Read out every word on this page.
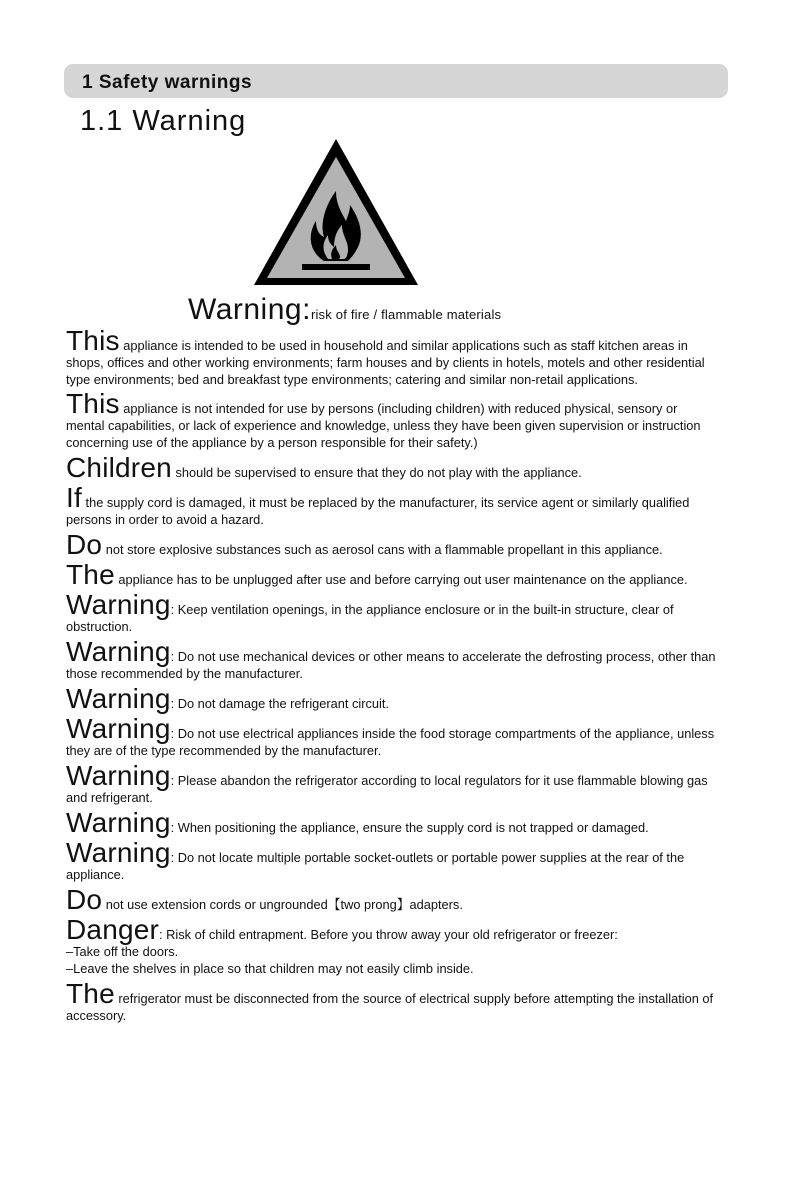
1 Safety warnings
1.1 Warning
Warning:risk of fire / flammable materials

This appliance is intended to be used in household and similar applications such as staff kitchen areas in shops, offices and other working environments; farm houses and by clients in hotels, motels and other residential type environments; bed and breakfast type environments; catering and similar non-retail applications.

This appliance is not intended for use by persons (including children) with reduced physical, sensory or mental capabilities, or lack of experience and knowledge, unless they have been given supervision or instruction concerning use of the appliance by a person responsible for their safety.)

Children should be supervised to ensure that they do not play with the appliance.

If the supply cord is damaged, it must be replaced by the manufacturer, its service agent or similarly qualified persons in order to avoid a hazard.

Do not store explosive substances such as aerosol cans with a flammable propellant in this appliance.

The appliance has to be unplugged after use and before carrying out user maintenance on the appliance.

Warning: Keep ventilation openings, in the appliance enclosure or in the built-in structure, clear of obstruction.

Warning: Do not use mechanical devices or other means to accelerate the defrosting process, other than those recommended by the manufacturer.

Warning: Do not damage the refrigerant circuit.

Warning: Do not use electrical appliances inside the food storage compartments of the appliance, unless they are of the type recommended by the manufacturer.

Warning: Please abandon the refrigerator according to local regulators for it use flammable blowing gas and refrigerant.

Warning: When positioning the appliance, ensure the supply cord is not trapped or damaged.

Warning: Do not locate multiple portable socket-outlets or portable power supplies at the rear of the appliance.

Do not use extension cords or ungrounded【two prong】adapters.

Danger: Risk of child entrapment. Before you throw away your old refrigerator or freezer:
–Take off the doors.
–Leave the shelves in place so that children may not easily climb inside.

The refrigerator must be disconnected from the source of electrical supply before attempting the installation of accessory.
